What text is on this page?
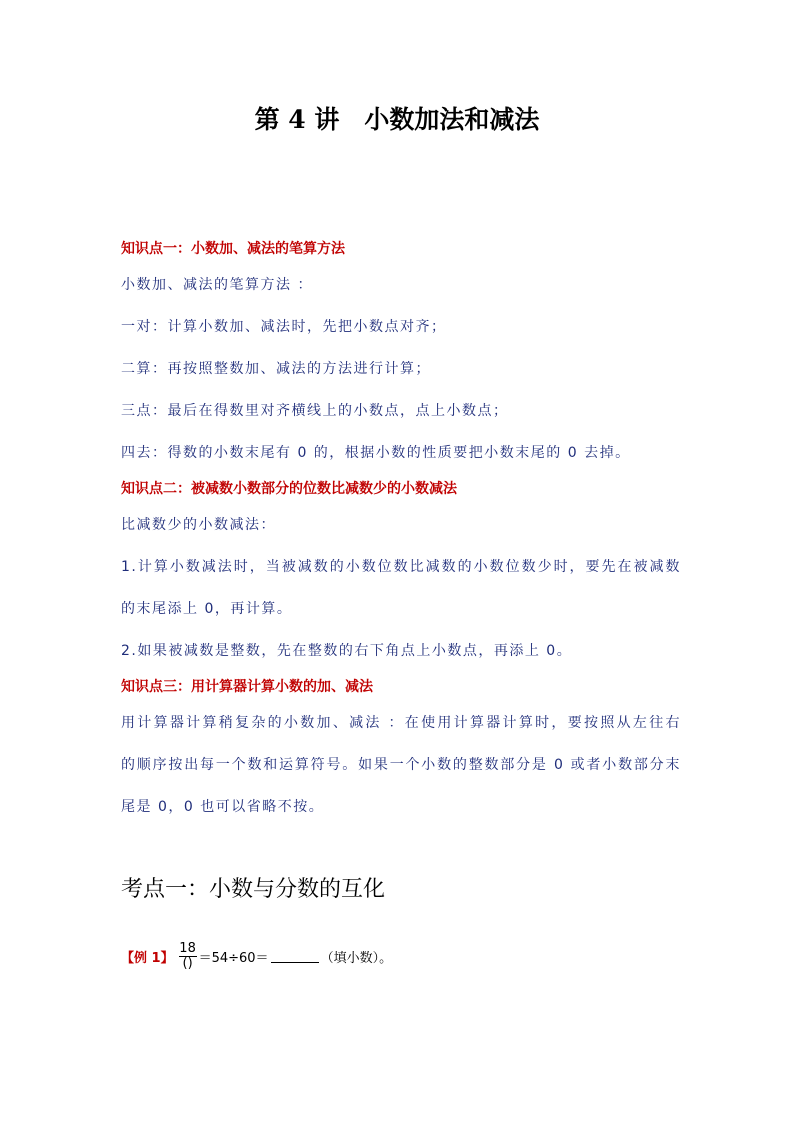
第 4 讲　小数加法和减法
知识点一：小数加、减法的笔算方法
小数加、减法的笔算方法 ：
一对：计算小数加、减法时，先把小数点对齐；
二算：再按照整数加、减法的方法进行计算；
三点：最后在得数里对齐横线上的小数点，点上小数点；
四去：得数的小数末尾有 0 的，根据小数的性质要把小数末尾的 0 去掉。
知识点二：被减数小数部分的位数比减数少的小数减法
比减数少的小数减法：
1.计算小数减法时，当被减数的小数位数比减数的小数位数少时，要先在被减数
的末尾添上 0，再计算。
2.如果被减数是整数，先在整数的右下角点上小数点，再添上 0。
知识点三：用计算器计算小数的加、减法
用计算器计算稍复杂的小数加、减法 ：在使用计算器计算时，要按照从左往右
的顺序按出每一个数和运算符号。如果一个小数的整数部分是 0 或者小数部分末
尾是 0，0 也可以省略不按。
考点一：小数与分数的互化
【例 1】 $\frac{18}{()} =54\div 60=$	（填小数）。
